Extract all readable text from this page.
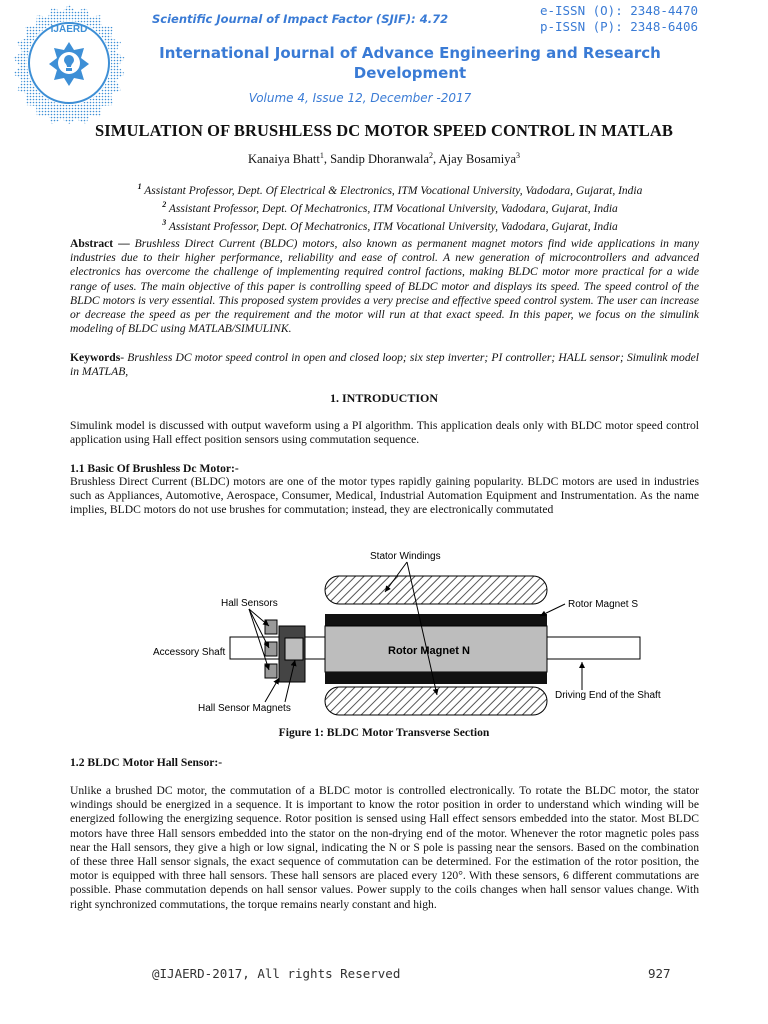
IJAERD
Scientific Journal of Impact Factor (SJIF): 4.72
e-ISSN (O): 2348-4470
p-ISSN (P): 2348-6406
International Journal of Advance Engineering and Research
Development
Volume 4, Issue 12, December -2017
SIMULATION OF BRUSHLESS DC MOTOR SPEED CONTROL IN MATLAB
Kanaiya Bhatt$^1$, Sandip Dhoranwala$^2$, Ajay Bosamiya$^3$
$^1$ Assistant Professor, Dept. Of Electrical & Electronics, ITM Vocational University, Vadodara, Gujarat, India
$^2$ Assistant Professor, Dept. Of Mechatronics, ITM Vocational University, Vadodara, Gujarat, India
$^3$ Assistant Professor, Dept. Of Mechatronics, ITM Vocational University, Vadodara, Gujarat, India
Abstract — Brushless Direct Current (BLDC) motors, also known as permanent magnet motors find wide applications in many industries due to their higher performance, reliability and ease of control. A new generation of microcontrollers and advanced electronics has overcome the challenge of implementing required control factions, making BLDC motor more practical for a wide range of uses. The main objective of this paper is controlling speed of BLDC motor and displays its speed. The speed control of the BLDC motors is very essential. This proposed system provides a very precise and effective speed control system. The user can increase or decrease the speed as per the requirement and the motor will run at that exact speed. In this paper, we focus on the simulink modeling of BLDC using MATLAB/SIMULINK.
Keywords- Brushless DC motor speed control in open and closed loop; six step inverter; PI controller; HALL sensor; Simulink model in MATLAB,
1. INTRODUCTION
Simulink model is discussed with output waveform using a PI algorithm. This application deals only with BLDC motor speed control application using Hall effect position sensors using commutation sequence.
1.1 Basic Of Brushless Dc Motor:-
Brushless Direct Current (BLDC) motors are one of the motor types rapidly gaining popularity. BLDC motors are used in industries such as Appliances, Automotive, Aerospace, Consumer, Medical, Industrial Automation Equipment and Instrumentation. As the name implies, BLDC motors do not use brushes for commutation; instead, they are electronically commutated
Stator Windings
Hall Sensors	Rotor Magnet S
Accessory Shaft	Rotor Magnet N
Driving End of the Shaft
Hall Sensor Magnets
Figure 1: BLDC Motor Transverse Section
1.2 BLDC Motor Hall Sensor:-
Unlike a brushed DC motor, the commutation of a BLDC motor is controlled electronically. To rotate the BLDC motor, the stator windings should be energized in a sequence. It is important to know the rotor position in order to understand which winding will be energized following the energizing sequence. Rotor position is sensed using Hall effect sensors embedded into the stator. Most BLDC motors have three Hall sensors embedded into the stator on the non-drying end of the motor. Whenever the rotor magnetic poles pass near the Hall sensors, they give a high or low signal, indicating the N or S pole is passing near the sensors. Based on the combination of these three Hall sensor signals, the exact sequence of commutation can be determined. For the estimation of the rotor position, the motor is equipped with three hall sensors. These hall sensors are placed every 120°. With these sensors, 6 different commutations are possible. Phase commutation depends on hall sensor values. Power supply to the coils changes when hall sensor values change. With right synchronized commutations, the torque remains nearly constant and high.
@IJAERD-2017, All rights Reserved	927
